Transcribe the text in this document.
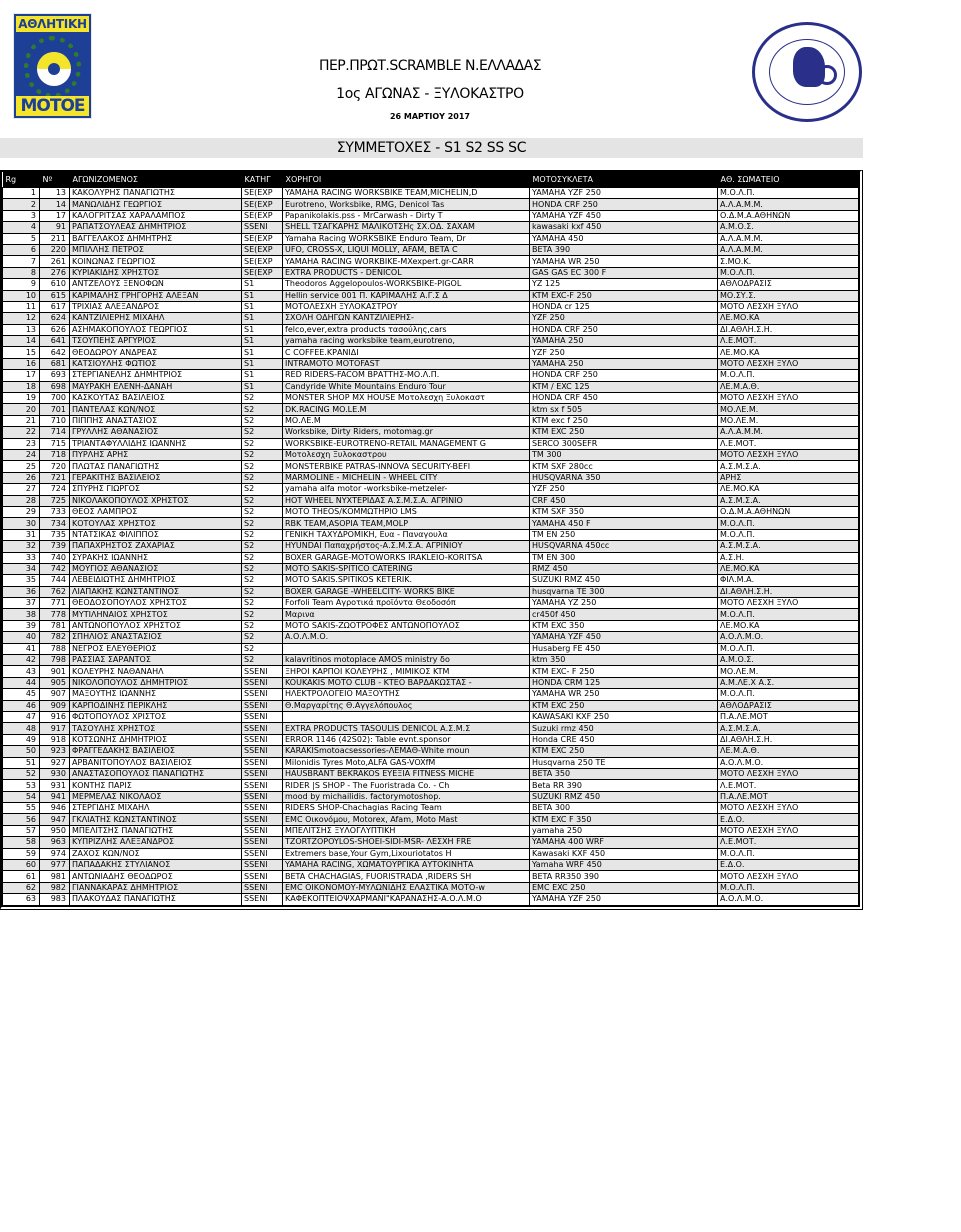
ΑΘΛΗΤΙΚΗ
ΜΟΤΟΕ
ΠΕΡ.ΠΡΩΤ.SCRAMBLE Ν.ΕΛΛΑΔΑΣ
1ος ΑΓΩΝΑΣ - ΞΥΛΟΚΑΣΤΡΟ
26 ΜΑΡΤΙΟΥ 2017
ΣΥΜΜΕΤΟΧΕΣ - S1 S2 SS SC
Rg	Nº	ΑΓΩΝΙΖΟΜΕΝΟΣ	ΚΑΤΗΓ	ΧΟΡΗΓΟΙ	ΜΟΤΟΣΥΚΛΕΤΑ	ΑΘ. ΣΩΜΑΤΕΙΟ
1	13	ΚΑΚΟΛΥΡΗΣ ΠΑΝΑΓΙΩΤΗΣ	SE(EXP	YAMAHA RACING WORKSBIKE TEAM,MICHELIN,D	YAMAHA YZF 250	Μ.Ο.Λ.Π.
2	14	ΜΑΝΩΛΙΔΗΣ ΓΕΩΡΓΙΟΣ	SE(EXP	Eurotreno, Worksbike, RMG, Denicol Tas	HONDA CRF 250	Α.Λ.Α.Μ.Μ.
3	17	ΚΑΛΟΓΡΙΤΣΑΣ ΧΑΡΑΛΑΜΠΟΣ	SE(EXP	Papanikolakis.pss - MrCarwash - Dirty T	YAMAHA YZF 450	Ο.Δ.Μ.Α.ΑΘΗΝΩΝ
4	91	ΡΑΠΑΤΣΟΥΛΕΑΣ ΔΗΜΗΤΡΙΟΣ	SSENI	SHELL ΤΣΑΓΚΑΡΗΣ ΜΑΛΙΚΟΤΣΗς ΣΧ.ΟΔ. ΣΑΧΑΜ	kawasaki kxf 450	Α.Μ.Ο.Σ.
5	211	ΒΑΓΓΕΛΑΚΟΣ ΔΗΜΗΤΡΗΣ	SE(EXP	Yamaha Racing WORKSBIKE Enduro Team, Dr	YAMAHA 450	Α.Λ.Α.Μ.Μ.
6	220	ΜΠΙΛΛΗΣ ΠΕΤΡΟΣ	SE(EXP	UFO, CROSS-X, LIQUI MOLLY, AFAM, BETA C	BETA 390	Α.Λ.Α.Μ.Μ.
7	261	ΚΟΙΝΩΝΑΣ ΓΕΩΡΓΙΟΣ	SE(EXP	YAMAHA RACING WORKBIKE-MXexpert.gr-CARR	YAMAHA WR 250	Σ.ΜΟ.Κ.
8	276	ΚΥΡΙΑΚΙΔΗΣ ΧΡΗΣΤΟΣ	SE(EXP	EXTRA PRODUCTS - DENICOL	GAS GAS EC 300 F	Μ.Ο.Λ.Π.
9	610	ΑΝΤΖΕΛΟΥΣ ΞΕΝΟΦΩΝ	S1	Theodoros Aggelopoulos-WORKSBIKE-PIGOL	YZ 125	ΑΘΛΟΔΡΑΣΙΣ
10	615	ΚΑΡΙΜΑΛΗΣ ΓΡΗΓΟΡΗΣ ΑΛΕΞΑΝ	S1	Hellin service 001 Π. ΚΑΡΙΜΑΛΗΣ Α.Γ.Σ Δ	KTM EXC-F 250	ΜΟ.ΣΥ.Σ.
11	617	ΤΡΙΧΙΑΣ ΑΛΕΞΑΝΔΡΟΣ	S1	ΜΟΤΟΛΕΣΧΗ ΞΥΛΟΚΑΣΤΡΟΥ	HONDA cr 125	ΜΟΤΟ ΛΕΣΧΗ ΞΥΛΟ
12	624	ΚΑΝΤΖΙΛΙΕΡΗΣ ΜΙΧΑΗΛ	S1	ΣΧΟΛΗ ΟΔΗΓΩΝ ΚΑΝΤΖΙΛΙΕΡΗΣ-	YZF 250	ΛΕ.ΜΟ.ΚΑ
13	626	ΑΣΗΜΑΚΟΠΟΥΛΟΣ ΓΕΩΡΓΙΟΣ	S1	felco,ever,extra products τασούλης,cars	HONDA CRF 250	ΔΙ.ΑΘΛΗ.Σ.Η.
14	641	ΤΣΟΥΠΕΗΣ ΑΡΓΥΡΙΟΣ	S1	yamaha racing worksbike team,eurotreno,	YAMAHA 250	Λ.Ε.ΜΟΤ.
15	642	ΘΕΟΔΩΡΟΥ ΑΝΔΡΕΑΣ	S1	C COFFEE.ΚΡΑΝΙΔΙ	YZF 250	ΛΕ.ΜΟ.ΚΑ
16	681	ΚΑΤΣΙΟΥΛΗΣ ΦΩΤΙΟΣ	S1	INTRAMOTO MOTOFAST	YAMAHA 250	ΜΟΤΟ ΛΕΣΧΗ ΞΥΛΟ
17	693	ΣΤΕΡΓΙΑΝΕΛΗΣ ΔΗΜΗΤΡΙΟΣ	S1	RED RIDERS-FACOM ΒΡΑΤΤΗΣ-ΜΟ.Λ.Π.	HONDA CRF 250	Μ.Ο.Λ.Π.
18	698	ΜΑΥΡΑΚΗ ΕΛΕΝΗ-ΔΑΝΑΗ	S1	Candyride White Mountains Enduro Tour	KTM / EXC 125	ΛΕ.Μ.Α.Θ.
19	700	ΚΑΣΚΟΥΤΑΣ ΒΑΣΙΛΕΙΟΣ	S2	MONSTER SHOP MX HOUSE Μοτολεσχη Ξυλοκαστ	HONDA CRF 450	ΜΟΤΟ ΛΕΣΧΗ ΞΥΛΟ
20	701	ΠΑΝΤΕΛΑΣ ΚΩΝ/ΝΟΣ	S2	DK.RACING MO.LE.M	ktm sx f 505	ΜΟ.ΛΕ.Μ.
21	710	ΠΙΠΠΗΣ ΑΝΑΣΤΑΣΙΟΣ	S2	ΜΟ.ΛΕ.Μ	KTM exc f 250	ΜΟ.ΛΕ.Μ.
22	714	ΓΡΥΛΛΗΣ ΑΘΑΝΑΣΙΟΣ	S2	Worksbike, Dirty Riders, motomag.gr	KTM EXC 250	Α.Λ.Α.Μ.Μ.
23	715	ΤΡΙΑΝΤΑΦΥΛΛΙΔΗΣ ΙΩΑΝΝΗΣ	S2	WORKSBIKE-EUROTRENO-RETAIL MANAGEMENT G	SERCO 300SEFR	Λ.Ε.ΜΟΤ.
24	718	ΠΥΡΛΗΣ ΑΡΗΣ	S2	Μοτολεσχη Ξυλοκαστρου	TM 300	ΜΟΤΟ ΛΕΣΧΗ ΞΥΛΟ
25	720	ΠΛΩΤΑΣ ΠΑΝΑΓΙΩΤΗΣ	S2	MONSTERBIKE PATRAS-INNOVA SECURITY-BEFI	KTM SXF 280cc	Α.Σ.Μ.Σ.Α.
26	721	ΓΕΡΑΚΙΤΗΣ ΒΑΣΙΛΕΙΟΣ	S2	MARMOLINE - MICHELIN - WHEEL CITY	HUSQVARNA 350	ΑΡΗΣ
27	724	ΣΠΥΡΗΣ ΓΙΩΡΓΟΣ	S2	yamaha alfa motor -worksbike-metzeler-	YZF 250	ΛΕ.ΜΟ.ΚΑ
28	725	ΝΙΚΟΛΑΚΟΠΟΥΛΟΣ ΧΡΗΣΤΟΣ	S2	HOT WHEEL ΝΥΧΤΕΡΙΔΑΣ Α.Σ.Μ.Σ.Α. ΑΓΡΙΝΙΟ	CRF 450	Α.Σ.Μ.Σ.Α.
29	733	ΘΕΟΣ ΛΑΜΠΡΟΣ	S2	MOTO THEOS/ΚΟΜΜΩΤΗΡΙΟ LMS	KTM SXF 350	Ο.Δ.Μ.Α.ΑΘΗΝΩΝ
30	734	ΚΟΤΟΥΛΑΣ ΧΡΗΣΤΟΣ	S2	RBK TEAM,ASOPIA TEAM,MOLP	YAMAHA 450 F	Μ.Ο.Λ.Π.
31	735	ΝΤΑΤΣΙΚΑΣ ΦΙΛΙΠΠΟΣ	S2	ΓΕΝΙΚΗ ΤΑΧΥΔΡΟΜΙΚΗ, Ευα - Παναγουλα	TM EN 250	Μ.Ο.Λ.Π.
32	739	ΠΑΠΑΧΡΗΣΤΟΣ ΖΑΧΑΡΙΑΣ	S2	HYUNDAI Παπαχρήστος-Α.Σ.Μ.Σ.Α. ΑΓΡΙΝΙΟΥ	HUSQVARNA 450cc	Α.Σ.Μ.Σ.Α.
33	740	ΣΥΡΑΚΗΣ ΙΩΑΝΝΗΣ	S2	BOXER GARAGE-MOTOWORKS IRAKLEIO-KORITSA	TM EN 300	Α.Σ.Η.
34	742	ΜΟΥΓΙΟΣ ΑΘΑΝΑΣΙΟΣ	S2	MOTO SAKIS-SPITICO CATERING	RMZ 450	ΛΕ.ΜΟ.ΚΑ
35	744	ΛΕΒΕΙΔΙΩΤΗΣ ΔΗΜΗΤΡΙΟΣ	S2	MOTO SAKIS.SPITIKOS KETERIK.	SUZUKI RMZ 450	ΦΙΛ.Μ.Α.
36	762	ΛΙΑΠΑΚΗΣ ΚΩΝΣΤΑΝΤΙΝΟΣ	S2	BOXER GARAGE -WHEELCITY- WORKS BIKE	husqvarna TE 300	ΔΙ.ΑΘΛΗ.Σ.Η.
37	771	ΘΕΟΔΟΣΟΠΟΥΛΟΣ ΧΡΗΣΤΟΣ	S2	Forfoli Team Αγροτικά προϊόντα Θεοδοσόπ	YAMAHA YZ 250	ΜΟΤΟ ΛΕΣΧΗ ΞΥΛΟ
38	778	ΜΥΤΙΛΗΝΑΙΟΣ ΧΡΗΣΤΟΣ	S2	Μαρινα	cr450f 450	Μ.Ο.Λ.Π.
39	781	ΑΝΤΩΝΟΠΟΥΛΟΣ ΧΡΗΣΤΟΣ	S2	MOTO SAKIS-ΖΩΟΤΡΟΦΕΣ ΑΝΤΩΝΟΠΟΥΛΟΣ	KTM EXC 350	ΛΕ.ΜΟ.ΚΑ
40	782	ΣΠΗΛΙΟΣ ΑΝΑΣΤΑΣΙΟΣ	S2	Α.Ο.Λ.Μ.Ο.	YAMAHA YZF 450	Α.Ο.Λ.Μ.Ο.
41	788	ΝΕΓΡΟΣ ΕΛΕΥΘΕΡΙΟΣ	S2		Husaberg FE 450	Μ.Ο.Λ.Π.
42	798	ΡΑΣΣΙΑΣ ΣΑΡΑΝΤΟΣ	S2	kalavritinos motoplace AMOS ministry δο	ktm 350	Α.Μ.Ο.Σ.
43	901	ΚΟΛΕΥΡΗΣ ΝΑΘΑΝΑΗΛ	SSENI	ΞΗΡΟΙ ΚΑΡΠΟΙ ΚΟΛΕΥΡΗΣ , ΜΙΜΙΚΟΣ KTM	KTM EXC- F 250	ΜΟ.ΛΕ.Μ.
44	905	ΝΙΚΟΛΟΠΟΥΛΟΣ ΔΗΜΗΤΡΙΟΣ	SSENI	KOUKAKIS MOTO CLUB - ΚΤΕΟ ΒΑΡΔΑΚΩΣΤΑΣ -	HONDA CRM 125	Α.Μ.ΛΕ.Χ Α.Σ.
45	907	ΜΑΞΟΥΤΗΣ ΙΩΑΝΝΗΣ	SSENI	ΗΛΕΚΤΡΟΛΟΓΕΙΟ ΜΑΞΟΥΤΗΣ	YAMAHA WR 250	Μ.Ο.Λ.Π.
46	909	ΚΑΡΠΟΔΙΝΗΣ ΠΕΡΙΚΛΗΣ	SSENI	Θ.Μαργαρίτης Θ.Αγγελόπουλος	KTM EXC 250	ΑΘΛΟΔΡΑΣΙΣ
47	916	ΦΩΤΟΠΟΥΛΟΣ ΧΡΙΣΤΟΣ	SSENI		KAWASAKI KXF 250	Π.Α.ΛΕ.ΜΟΤ
48	917	ΤΑΣΟΥΛΗΣ ΧΡΗΣΤΟΣ	SSENI	EXTRA PRODUCTS TASOULIS DENICOL Α.Σ.Μ.Σ	Suzuki rmz 450	Α.Σ.Μ.Σ.Α.
49	918	ΚΟΤΣΩΝΗΣ ΔΗΜΗΤΡΙΟΣ	SSENI	ERROR 1146 (42S02): Table evnt.sponsor	Honda CRE 450	ΔΙ.ΑΘΛΗ.Σ.Η.
50	923	ΦΡΑΓΓΕΔΑΚΗΣ ΒΑΣΙΛΕΙΟΣ	SSENI	KARAKISmotoacsessories-ΛΕΜΑΘ-White moun	KTM EXC 250	ΛΕ.Μ.Α.Θ.
51	927	ΑΡΒΑΝΙΤΟΠΟΥΛΟΣ ΒΑΣΙΛΕΙΟΣ	SSENI	Milonidis Tyres Moto,ALFA GAS-VOXfM	Husqvarna 250 TE	Α.Ο.Λ.Μ.Ο.
52	930	ΑΝΑΣΤΑΣΟΠΟΥΛΟΣ ΠΑΝΑΓΙΩΤΗΣ	SSENI	HAUSBRANT BEKRAKOS ΕΥΕΞΙΑ FITNESS MICHE	BETA 350	ΜΟΤΟ ΛΕΣΧΗ ΞΥΛΟ
53	931	ΚΟΝΤΗΣ ΠΑΡΙΣ	SSENI	RIDER |S SHOP - The Fuoristrada Co. - Ch	Beta RR 390	Λ.Ε.ΜΟΤ.
54	941	ΜΕΡΜΕΛΑΣ ΝΙΚΟΛΑΟΣ	SSENI	mood by michailidis. factorymotoshop.	SUZUKI RMZ 450	Π.Α.ΛΕ.ΜΟΤ
55	946	ΣΤΕΡΓΙΔΗΣ ΜΙΧΑΗΛ	SSENI	RIDERS SHOP-Chachagias Racing Team	BETA 300	ΜΟΤΟ ΛΕΣΧΗ ΞΥΛΟ
56	947	ΓΚΛΙΑΤΗΣ ΚΩΝΣΤΑΝΤΙΝΟΣ	SSENI	EMC Οικονόμου, Motorex, Afam, Moto Mast	KTM EXC F 350	Ε.Δ.Ο.
57	950	ΜΠΕΛΙΤΣΗΣ ΠΑΝΑΓΙΩΤΗΣ	SSENI	ΜΠΕΛΙΤΣΗΣ ΞΥΛΟΓΛΥΠΤΙΚΗ	yamaha 250	ΜΟΤΟ ΛΕΣΧΗ ΞΥΛΟ
58	963	ΚΥΠΡΙΖΛΗΣ ΑΛΕΞΑΝΔΡΟΣ	SSENI	TZORTZOPOYLOS-SHOEI-SIDI-MSR- ΛΕΣΧΗ FRE	YAMAHA 400 WRF	Λ.Ε.ΜΟΤ.
59	974	ΖΑΧΟΣ ΚΩΝ/ΝΟΣ	SSENI	Extremers base,Your Gym,Lixouriotatos H	Kawasaki KXF 450	Μ.Ο.Λ.Π.
60	977	ΠΑΠΑΔΑΚΗΣ ΣΤΥΛΙΑΝΟΣ	SSENI	YAMAHA RACING, ΧΩΜΑΤΟΥΡΓΙΚΑ ΑΥΤΟΚΙΝΗΤΑ	Yamaha WRF 450	Ε.Δ.Ο.
61	981	ΑΝΤΩΝΙΑΔΗΣ ΘΕΟΔΩΡΟΣ	SSENI	BETA CHACHAGIAS, FUORISTRADA ,RIDERS SH	BETA RR350 390	ΜΟΤΟ ΛΕΣΧΗ ΞΥΛΟ
62	982	ΓΙΑΝΝΑΚΑΡΑΣ ΔΗΜΗΤΡΙΟΣ	SSENI	EMC ΟΙΚΟΝΟΜΟΥ-ΜΥΛΩΝΙΔΗΣ ΕΛΑΣΤΙΚΑ MOTO-w	EMC EXC 250	Μ.Ο.Λ.Π.
63	983	ΠΛΑΚΟΥΔΑΣ ΠΑΝΑΓΙΩΤΗΣ	SSENI	ΚΑΦΕΚΟΠΤΕΙΟΨΧΑΡΜΑΝΙ"ΚΑΡΑΝΑΣΗΣ-Α.Ο.Λ.Μ.Ο	YAMAHA YZF 250	Α.Ο.Λ.Μ.Ο.
